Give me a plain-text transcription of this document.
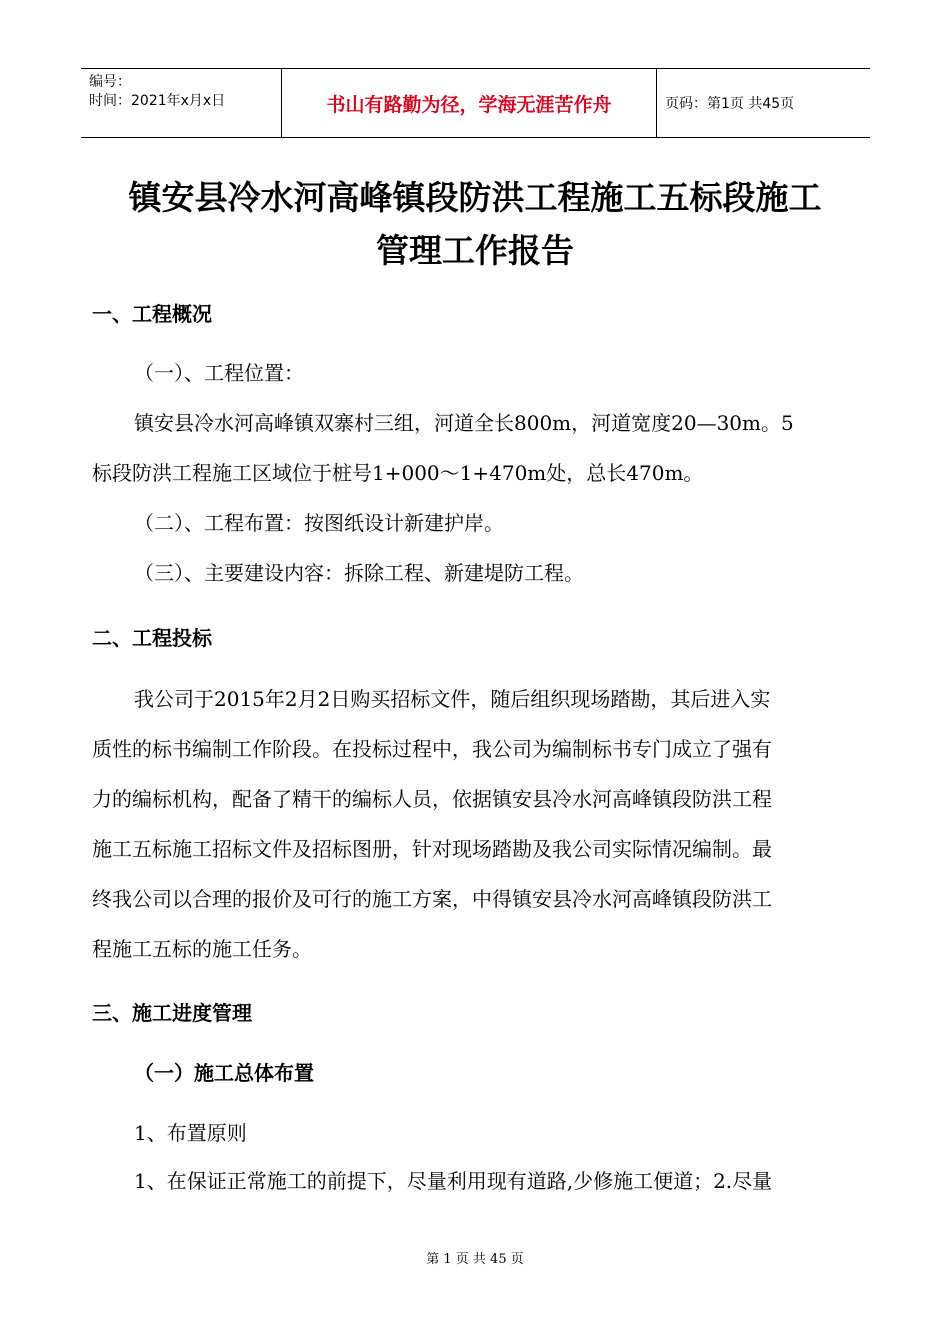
编号：
时间：2021年x月x日	书山有路勤为径，学海无涯苦作舟	页码：第1页 共45页
镇安县冷水河高峰镇段防洪工程施工五标段施工
管理工作报告
一、工程概况
（一）、工程位置：
镇安县冷水河高峰镇双寨村三组，河道全长800m，河道宽度20—30m。5
标段防洪工程施工区域位于桩号1+000～1+470m处，总长470m。
（二）、工程布置：按图纸设计新建护岸。
（三）、主要建设内容：拆除工程、新建堤防工程。
二、工程投标
我公司于2015年2月2日购买招标文件，随后组织现场踏勘，其后进入实
质性的标书编制工作阶段。在投标过程中，我公司为编制标书专门成立了强有
力的编标机构，配备了精干的编标人员，依据镇安县冷水河高峰镇段防洪工程
施工五标施工招标文件及招标图册，针对现场踏勘及我公司实际情况编制。最
终我公司以合理的报价及可行的施工方案，中得镇安县冷水河高峰镇段防洪工
程施工五标的施工任务。
三、施工进度管理
（一）施工总体布置
1、布置原则
1、在保证正常施工的前提下，尽量利用现有道路,少修施工便道；2.尽量
第 1 页 共 45 页
